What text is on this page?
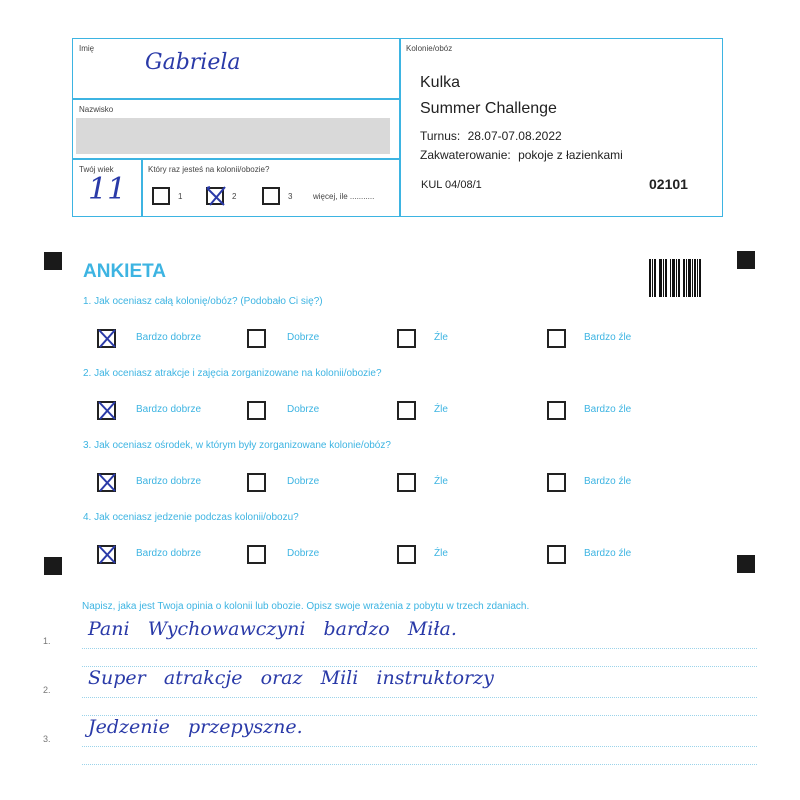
Imię
Gabriela
Nazwisko
Twój wiek
11
Który raz jesteś na kolonii/obozie?
1	2	3	więcej, ile ...........
Kolonie/obóz
Kulka
Summer Challenge
Turnus: 28.07-07.08.2022
Zakwaterowanie: pokoje z łazienkami
KUL 04/08/1	02101
ANKIETA
1. Jak oceniasz całą kolonię/obóz? (Podobało Ci się?)
Bardzo dobrze	Dobrze	Źle	Bardzo źle
2. Jak oceniasz atrakcje i zajęcia zorganizowane na kolonii/obozie?
Bardzo dobrze	Dobrze	Źle	Bardzo źle
3. Jak oceniasz ośrodek, w którym były zorganizowane kolonie/obóz?
Bardzo dobrze	Dobrze	Źle	Bardzo źle
4. Jak oceniasz jedzenie podczas kolonii/obozu?
Bardzo dobrze	Dobrze	Źle	Bardzo źle
Napisz, jaka jest Twoja opinia o kolonii lub obozie. Opisz swoje wrażenia z pobytu w trzech zdaniach.
1.
Pani   Wychowawczyni   bardzo   Miła.
2.
Super   atrakcje   oraz   Mili   instruktorzy
3.
Jedzenie   przepyszne.
